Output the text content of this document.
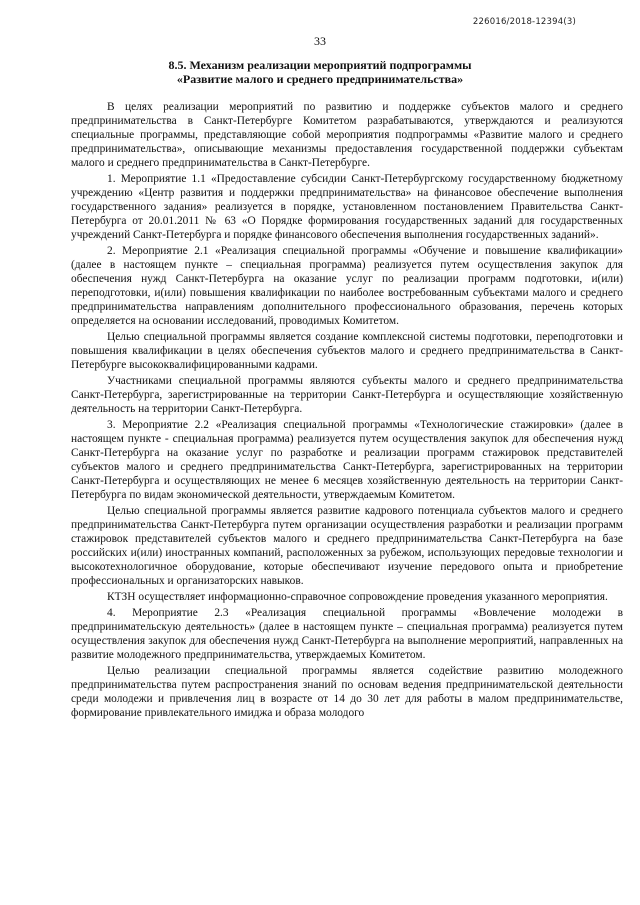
226016/2018-12394(3)
33
8.5. Механизм реализации мероприятий подпрограммы
«Развитие малого и среднего предпринимательства»

В целях реализации мероприятий по развитию и поддержке субъектов малого и среднего предпринимательства в Санкт-Петербурге Комитетом разрабатываются, утверждаются и реализуются специальные программы, представляющие собой мероприятия подпрограммы «Развитие малого и среднего предпринимательства», описывающие механизмы предоставления государственной поддержки субъектам малого и среднего предпринимательства в Санкт-Петербурге.

1. Мероприятие 1.1 «Предоставление субсидии Санкт-Петербургскому государственному бюджетному учреждению «Центр развития и поддержки предпринимательства» на финансовое обеспечение выполнения государственного задания» реализуется в порядке, установленном постановлением Правительства Санкт-Петербурга от 20.01.2011 № 63 «О Порядке формирования государственных заданий для государственных учреждений Санкт-Петербурга и порядке финансового обеспечения выполнения государственных заданий».

2. Мероприятие 2.1 «Реализация специальной программы «Обучение и повышение квалификации» (далее в настоящем пункте – специальная программа) реализуется путем осуществления закупок для обеспечения нужд Санкт-Петербурга на оказание услуг по реализации программ подготовки, и(или) переподготовки, и(или) повышения квалификации по наиболее востребованным субъектами малого и среднего предпринимательства направлениям дополнительного профессионального образования, перечень которых определяется на основании исследований, проводимых Комитетом.

Целью специальной программы является создание комплексной системы подготовки, переподготовки и повышения квалификации в целях обеспечения субъектов малого и среднего предпринимательства в Санкт-Петербурге высококвалифицированными кадрами.

Участниками специальной программы являются субъекты малого и среднего предпринимательства Санкт-Петербурга, зарегистрированные на территории Санкт-Петербурга и осуществляющие хозяйственную деятельность на территории Санкт-Петербурга.

3. Мероприятие 2.2 «Реализация специальной программы «Технологические стажировки» (далее в настоящем пункте - специальная программа) реализуется путем осуществления закупок для обеспечения нужд Санкт-Петербурга на оказание услуг по разработке и реализации программ стажировок представителей субъектов малого и среднего предпринимательства Санкт-Петербурга, зарегистрированных на территории Санкт-Петербурга и осуществляющих не менее 6 месяцев хозяйственную деятельность на территории Санкт-Петербурга по видам экономической деятельности, утверждаемым Комитетом.

Целью специальной программы является развитие кадрового потенциала субъектов малого и среднего предпринимательства Санкт-Петербурга путем организации осуществления разработки и реализации программ стажировок представителей субъектов малого и среднего предпринимательства Санкт-Петербурга на базе российских и(или) иностранных компаний, расположенных за рубежом, использующих передовые технологии и высокотехнологичное оборудование, которые обеспечивают изучение передового опыта и приобретение профессиональных и организаторских навыков.

КТЗН осуществляет информационно-справочное сопровождение проведения указанного мероприятия.

4. Мероприятие 2.3 «Реализация специальной программы «Вовлечение молодежи в предпринимательскую деятельность» (далее в настоящем пункте – специальная программа) реализуется путем осуществления закупок для обеспечения нужд Санкт-Петербурга на выполнение мероприятий, направленных на развитие молодежного предпринимательства, утверждаемых Комитетом.

Целью реализации специальной программы является содействие развитию молодежного предпринимательства путем распространения знаний по основам ведения предпринимательской деятельности среди молодежи и привлечения лиц в возрасте от 14 до 30 лет для работы в малом предпринимательстве, формирование привлекательного имиджа и образа молодого
